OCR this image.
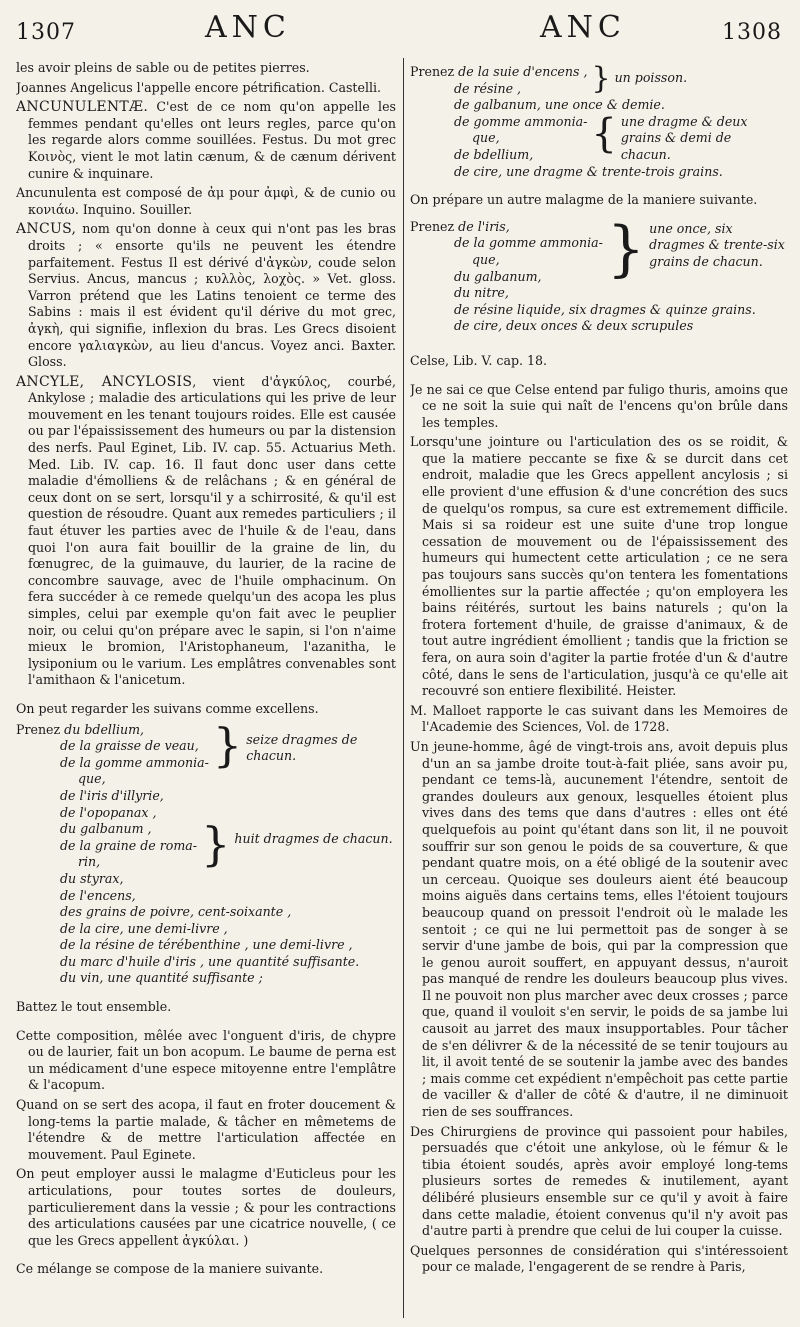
1307	ANC	ANC	1308

les avoir pleins de sable ou de petites pierres.

Joannes Angelicus l'appelle encore pétrification. Castelli.

ANCUNULENTÆ. C'est de ce nom qu'on appelle les femmes pendant qu'elles ont leurs regles, parce qu'on les regarde alors comme souillées. Festus. Du mot grec Κοινὸς, vient le mot latin cænum, & de cænum dérivent cunire & inquinare.

Ancunulenta est composé de ἀμ pour ἀμφὶ, & de cunio ou κονιάω. Inquino. Souiller.

ANCUS, nom qu'on donne à ceux qui n'ont pas les bras droits ; « ensorte qu'ils ne peuvent les étendre parfaitement. Festus Il est dérivé d'ἀγκὼν, coude selon Servius. Ancus, mancus ; κυλλὸς, λοχὸς. » Vet. gloss. Varron prétend que les Latins tenoient ce terme des Sabins : mais il est évident qu'il dérive du mot grec, ἀγκὴ, qui signifie, inflexion du bras. Les Grecs disoient encore γαλιαγκὼν, au lieu d'ancus. Voyez anci. Baxter. Gloss.

ANCYLE, ANCYLOSIS, vient d'ἀγκύλος, courbé, Ankylose ; maladie des articulations qui les prive de leur mouvement en les tenant toujours roides. Elle est causée ou par l'épaississement des humeurs ou par la distension des nerfs. Paul Eginet, Lib. IV. cap. 55. Actuarius Meth. Med. Lib. IV. cap. 16. Il faut donc user dans cette maladie d'émolliens & de relâchans ; & en général de ceux dont on se sert, lorsqu'il y a schirrosité, & qu'il est question de résoudre. Quant aux remedes particuliers ; il faut étuver les parties avec de l'huile & de l'eau, dans quoi l'on aura fait bouillir de la graine de lin, du fœnugrec, de la guimauve, du laurier, de la racine de concombre sauvage, avec de l'huile omphacinum. On fera succéder à ce remede quelqu'un des acopa les plus simples, celui par exemple qu'on fait avec le peuplier noir, ou celui qu'on prépare avec le sapin, si l'on n'aime mieux le bromion, l'Aristophaneum, l'azanitha, le lysiponium ou le varium. Les emplâtres convenables sont l'amithaon & l'anicetum.

On peut regarder les suivans comme excellens.

Prenez du bdellium,
de la graisse de veau,
de la gomme ammonia-
que,
de l'iris d'illyrie,
de l'opopanax ,
} seize dragmes de chacun.
du galbanum ,
de la graine de roma-
rin,
du styrax,
de l'encens,
} huit dragmes de chacun.
des grains de poivre, cent-soixante ,
de la cire, une demi-livre ,
de la résine de térébenthine , une demi-livre ,
du marc d'huile d'iris , une quantité suffisante.
du vin, une quantité suffisante ;

Battez le tout ensemble.

Cette composition, mêlée avec l'onguent d'iris, de chypre ou de laurier, fait un bon acopum. Le baume de perna est un médicament d'une espece mitoyenne entre l'emplâtre & l'acopum.

Quand on se sert des acopa, il faut en froter doucement & long-tems la partie malade, & tâcher en mêmetems de l'étendre & de mettre l'articulation affectée en mouvement. Paul Eginete.

On peut employer aussi le malagme d'Euticleus pour les articulations, pour toutes sortes de douleurs, particulierement dans la vessie ; & pour les contractions des articulations causées par une cicatrice nouvelle, ( ce que les Grecs appellent ἀγκύλαι. )

Ce mélange se compose de la maniere suivante.

Prenez de la suie d'encens ,
de résine ,	} un poisson.
de galbanum, une once & demie.
de gomme ammonia-
que,
de bdellium,	{ une dragme & deux grains & demi de chacun.
de cire, une dragme & trente-trois grains.

On prépare un autre malagme de la maniere suivante.

Prenez de l'iris,
de la gomme ammonia-
que,
du galbanum,
du nitre,
} une once, six dragmes & trente-six grains de chacun.
de résine liquide, six dragmes & quinze grains.
de cire, deux onces & deux scrupules

Celse, Lib. V. cap. 18.

Je ne sai ce que Celse entend par fuligo thuris, amoins que ce ne soit la suie qui naît de l'encens qu'on brûle dans les temples.

Lorsqu'une jointure ou l'articulation des os se roidit, & que la matiere peccante se fixe & se durcit dans cet endroit, maladie que les Grecs appellent ancylosis ; si elle provient d'une effusion & d'une concrétion des sucs de quelqu'os rompus, sa cure est extremement difficile. Mais si sa roideur est une suite d'une trop longue cessation de mouvement ou de l'épaississement des humeurs qui humectent cette articulation ; ce ne sera pas toujours sans succès qu'on tentera les fomentations émollientes sur la partie affectée ; qu'on employera les bains réitérés, surtout les bains naturels ; qu'on la frotera fortement d'huile, de graisse d'animaux, & de tout autre ingrédient émollient ; tandis que la friction se fera, on aura soin d'agiter la partie frotée d'un & d'autre côté, dans le sens de l'articulation, jusqu'à ce qu'elle ait recouvré son entiere flexibilité. Heister.

M. Malloet rapporte le cas suivant dans les Memoires de l'Academie des Sciences, Vol. de 1728.

Un jeune-homme, âgé de vingt-trois ans, avoit depuis plus d'un an sa jambe droite tout-à-fait pliée, sans avoir pu, pendant ce tems-là, aucunement l'étendre, sentoit de grandes douleurs aux genoux, lesquelles étoient plus vives dans des tems que dans d'autres : elles ont été quelquefois au point qu'étant dans son lit, il ne pouvoit souffrir sur son genou le poids de sa couverture, & que pendant quatre mois, on a été obligé de la soutenir avec un cerceau. Quoique ses douleurs aient été beaucoup moins aiguës dans certains tems, elles l'étoient toujours beaucoup quand on pressoit l'endroit où le malade les sentoit ; ce qui ne lui permettoit pas de songer à se servir d'une jambe de bois, qui par la compression que le genou auroit souffert, en appuyant dessus, n'auroit pas manqué de rendre les douleurs beaucoup plus vives. Il ne pouvoit non plus marcher avec deux crosses ; parce que, quand il vouloit s'en servir, le poids de sa jambe lui causoit au jarret des maux insupportables. Pour tâcher de s'en délivrer & de la nécessité de se tenir toujours au lit, il avoit tenté de se soutenir la jambe avec des bandes ; mais comme cet expédient n'empêchoit pas cette partie de vaciller & d'aller de côté & d'autre, il ne diminuoit rien de ses souffrances.

Des Chirurgiens de province qui passoient pour habiles, persuadés que c'étoit une ankylose, où le fémur & le tibia étoient soudés, après avoir employé long-tems plusieurs sortes de remedes & inutilement, ayant délibéré plusieurs ensemble sur ce qu'il y avoit à faire dans cette maladie, étoient convenus qu'il n'y avoit pas d'autre parti à prendre que celui de lui couper la cuisse.

Quelques personnes de considération qui s'intéressoient pour ce malade, l'engagerent de se rendre à Paris,
